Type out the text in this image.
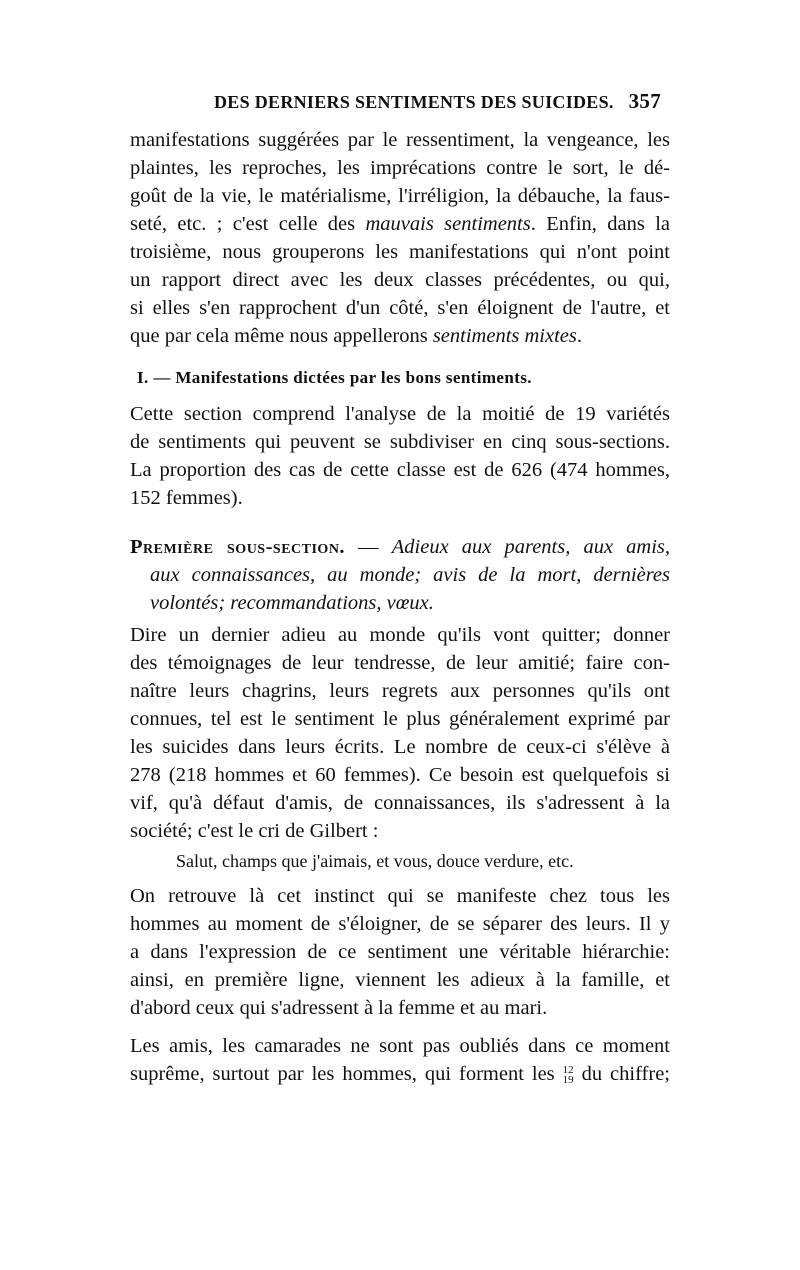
DES DERNIERS SENTIMENTS DES SUICIDES. 357
manifestations suggérées par le ressentiment, la vengeance, les
plaintes, les reproches, les imprécations contre le sort, le dé-
goût de la vie, le matérialisme, l'irréligion, la débauche, la faus-
seté, etc. ; c'est celle des mauvais sentiments. Enfin, dans la
troisième, nous grouperons les manifestations qui n'ont point
un rapport direct avec les deux classes précédentes, ou qui,
si elles s'en rapprochent d'un côté, s'en éloignent de l'autre, et
que par cela même nous appellerons sentiments mixtes.
I. — Manifestations dictées par les bons sentiments.
Cette section comprend l'analyse de la moitié de 19 variétés
de sentiments qui peuvent se subdiviser en cinq sous-sections.
La proportion des cas de cette classe est de 626 (474 hommes,
152 femmes).
Première sous-section. — Adieux aux parents, aux amis,
aux connaissances, au monde; avis de la mort, dernières
volontés; recommandations, vœux.
Dire un dernier adieu au monde qu'ils vont quitter; donner
des témoignages de leur tendresse, de leur amitié; faire con-
naître leurs chagrins, leurs regrets aux personnes qu'ils ont
connues, tel est le sentiment le plus généralement exprimé par
les suicides dans leurs écrits. Le nombre de ceux-ci s'élève à
278 (218 hommes et 60 femmes). Ce besoin est quelquefois si
vif, qu'à défaut d'amis, de connaissances, ils s'adressent à la
société; c'est le cri de Gilbert :
Salut, champs que j'aimais, et vous, douce verdure, etc.
On retrouve là cet instinct qui se manifeste chez tous les
hommes au moment de s'éloigner, de se séparer des leurs. Il y
a dans l'expression de ce sentiment une véritable hiérarchie:
ainsi, en première ligne, viennent les adieux à la famille, et
d'abord ceux qui s'adressent à la femme et au mari.
Les amis, les camarades ne sont pas oubliés dans ce moment
suprême, surtout par les hommes, qui forment les 12
19 du chiffre;
